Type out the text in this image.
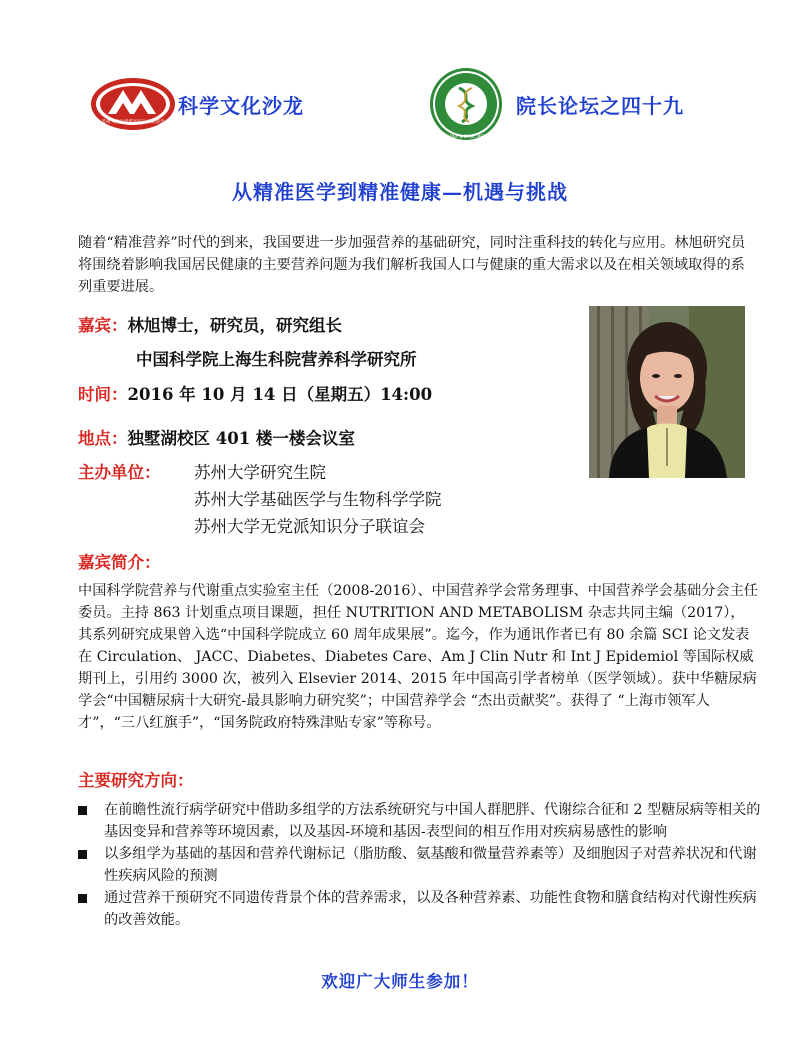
苏州大学无党派知识分子联谊会
科学文化沙龙
SCHOOL OF BIOLOGY & BASIC MEDICAL SCIENCES
院长论坛之四十九
从精准医学到精准健康—机遇与挑战
随着“精准营养”时代的到来，我国要进一步加强营养的基础研究，同时注重科技的转化与应用。林旭研究员将围绕着影响我国居民健康的主要营养问题为我们解析我国人口与健康的重大需求以及在相关领域取得的系列重要进展。
嘉宾：林旭博士，研究员，研究组长
中国科学院上海生科院营养科学研究所
时间：2016 年 10 月 14 日（星期五）14:00
地点：独墅湖校区 401 楼一楼会议室
主办单位： 苏州大学研究生院
苏州大学基础医学与生物科学学院
苏州大学无党派知识分子联谊会
嘉宾简介：
中国科学院营养与代谢重点实验室主任（2008-2016）、中国营养学会常务理事、中国营养学会基础分会主任委员。主持 863 计划重点项目课题，担任 NUTRITION AND METABOLISM 杂志共同主编（2017），其系列研究成果曾入选“中国科学院成立 60 周年成果展”。迄今，作为通讯作者已有 80 余篇 SCI 论文发表在 Circulation、 JACC、Diabetes、Diabetes Care、Am J Clin Nutr 和 Int J Epidemiol 等国际权威期刊上，引用约 3000 次，被列入 Elsevier 2014、2015 年中国高引学者榜单（医学领域）。获中华糖尿病学会“中国糖尿病十大研究-最具影响力研究奖”；中国营养学会 “杰出贡献奖”。获得了 “上海市领军人才”，“三八红旗手”，“国务院政府特殊津贴专家”等称号。
主要研究方向：
在前瞻性流行病学研究中借助多组学的方法系统研究与中国人群肥胖、代谢综合征和 2 型糖尿病等相关的基因变异和营养等环境因素，以及基因-环境和基因-表型间的相互作用对疾病易感性的影响
以多组学为基础的基因和营养代谢标记（脂肪酸、氨基酸和微量营养素等）及细胞因子对营养状况和代谢性疾病风险的预测
通过营养干预研究不同遗传背景个体的营养需求，以及各种营养素、功能性食物和膳食结构对代谢性疾病的改善效能。
欢迎广大师生参加！
